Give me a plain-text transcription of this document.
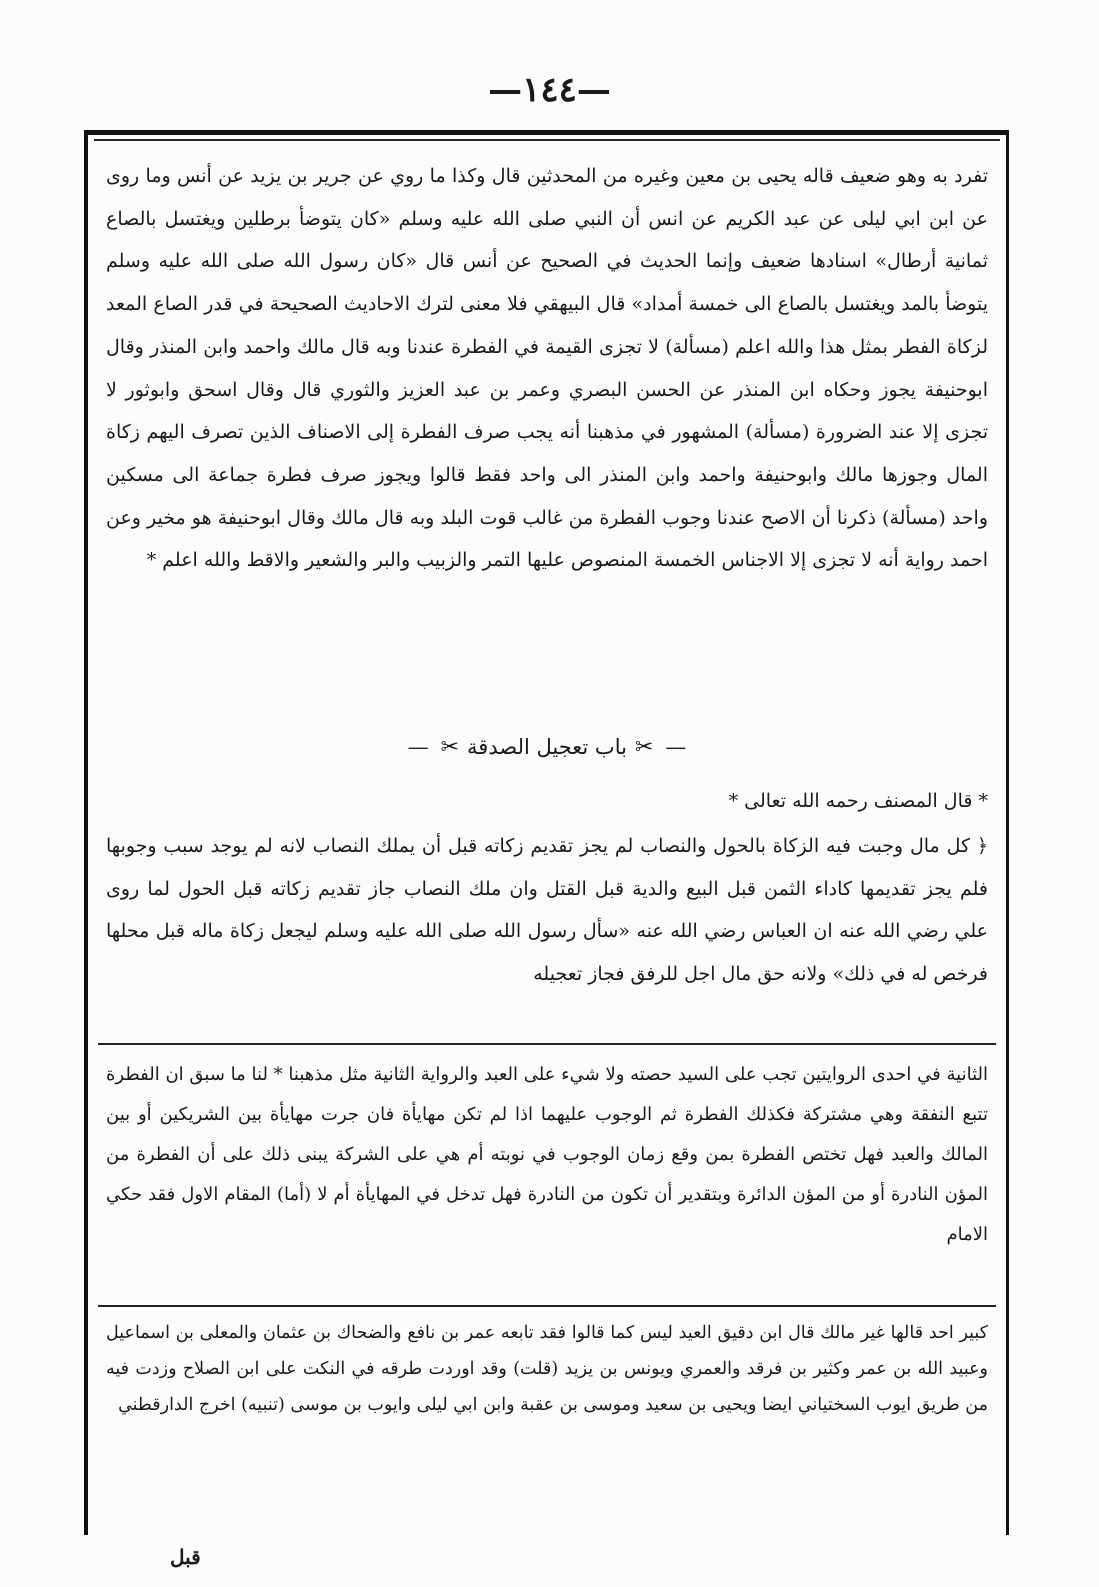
—١٤٤—

تفرد به وهو ضعيف قاله يحيى بن معين وغيره من المحدثين قال وكذا ما روي عن جرير بن يزيد عن أنس وما روى عن ابن ابي ليلى عن عبد الكريم عن انس أن النبي صلى الله عليه وسلم «كان يتوضأ برطلين ويغتسل بالصاع ثمانية أرطال» اسنادها ضعيف وإنما الحديث في الصحيح عن أنس قال «كان رسول الله صلى الله عليه وسلم يتوضأ بالمد ويغتسل بالصاع الى خمسة أمداد» قال البيهقي فلا معنى لترك الاحاديث الصحيحة في قدر الصاع المعد لزكاة الفطر بمثل هذا والله اعلم (مسألة) لا تجزى القيمة في الفطرة عندنا وبه قال مالك واحمد وابن المنذر وقال ابوحنيفة يجوز وحكاه ابن المنذر عن الحسن البصري وعمر بن عبد العزيز والثوري قال وقال اسحق وابوثور لا تجزى إلا عند الضرورة (مسألة) المشهور في مذهبنا أنه يجب صرف الفطرة إلى الاصناف الذين تصرف اليهم زكاة المال وجوزها مالك وابوحنيفة واحمد وابن المنذر الى واحد فقط قالوا ويجوز صرف فطرة جماعة الى مسكين واحد (مسألة) ذكرنا أن الاصح عندنا وجوب الفطرة من غالب قوت البلد وبه قال مالك وقال ابوحنيفة هو مخير وعن احمد رواية أنه لا تجزى إلا الاجناس الخمسة المنصوص عليها التمر والزبيب والبر والشعير والاقط والله اعلم *

—✂باب تعجيل الصدقة✂—

* قال المصنف رحمه الله تعالى *

﴿ كل مال وجبت فيه الزكاة بالحول والنصاب لم يجز تقديم زكاته قبل أن يملك النصاب لانه لم يوجد سبب وجوبها فلم يجز تقديمها كاداء الثمن قبل البيع والدية قبل القتل وان ملك النصاب جاز تقديم زكاته قبل الحول لما روى علي رضي الله عنه ان العباس رضي الله عنه «سأل رسول الله صلى الله عليه وسلم ليجعل زكاة ماله قبل محلها فرخص له في ذلك» ولانه حق مال اجل للرفق فجاز تعجيله

الثانية في احدى الروايتين تجب على السيد حصته ولا شيء على العبد والرواية الثانية مثل مذهبنا * لنا ما سبق ان الفطرة تتبع النفقة وهي مشتركة فكذلك الفطرة ثم الوجوب عليهما اذا لم تكن مهايأة فان جرت مهايأة بين الشريكين أو بين المالك والعبد فهل تختص الفطرة بمن وقع زمان الوجوب في نوبته أم هي على الشركة يبنى ذلك على أن الفطرة من المؤن النادرة أو من المؤن الدائرة وبتقدير أن تكون من النادرة فهل تدخل في المهايأة أم لا (أما) المقام الاول فقد حكي الامام

كبير احد قالها غير مالك قال ابن دقيق العيد ليس كما قالوا فقد تابعه عمر بن نافع والضحاك بن عثمان والمعلى بن اسماعيل وعبيد الله بن عمر وكثير بن فرقد والعمري ويونس بن يزيد (قلت) وقد اوردت طرقه في النكت على ابن الصلاح وزدت فيه من طريق ايوب السختياني ايضا ويحيى بن سعيد وموسى بن عقبة وابن ابي ليلى وايوب بن موسى (تنبيه) اخرج الدارقطني

قبل
